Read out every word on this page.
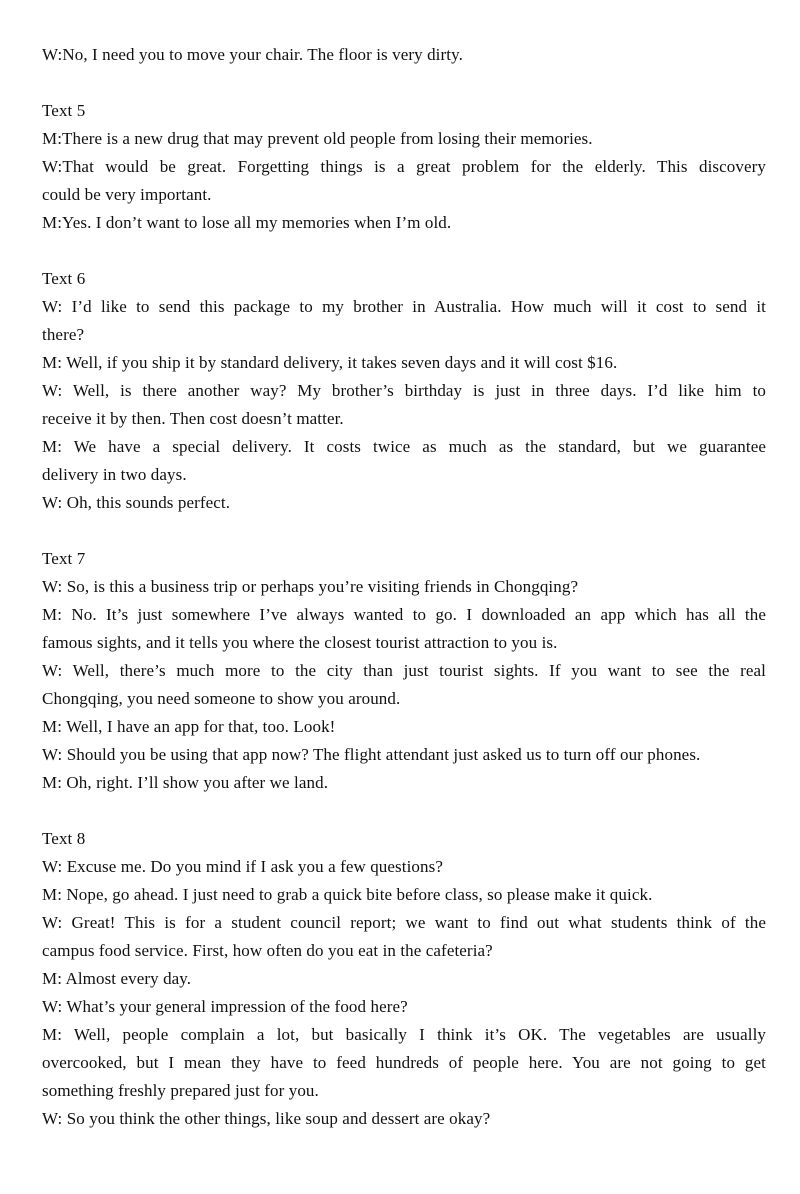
W:No, I need you to move your chair. The floor is very dirty.
Text 5
M:There is a new drug that may prevent old people from losing their memories.
W:That would be great. Forgetting things is a great problem for the elderly. This discovery
could be very important.
M:Yes. I don’t want to lose all my memories when I’m old.
Text 6
W: I’d like to send this package to my brother in Australia. How much will it cost to send it
there?
M: Well, if you ship it by standard delivery, it takes seven days and it will cost $16.
W: Well, is there another way? My brother’s birthday is just in three days. I’d like him to
receive it by then. Then cost doesn’t matter.
M: We have a special delivery. It costs twice as much as the standard, but we guarantee
delivery in two days.
W: Oh, this sounds perfect.
Text 7
W: So, is this a business trip or perhaps you’re visiting friends in Chongqing?
M: No. It’s just somewhere I’ve always wanted to go. I downloaded an app which has all the
famous sights, and it tells you where the closest tourist attraction to you is.
W: Well, there’s much more to the city than just tourist sights. If you want to see the real
Chongqing, you need someone to show you around.
M: Well, I have an app for that, too. Look!
W: Should you be using that app now? The flight attendant just asked us to turn off our phones.
M: Oh, right. I’ll show you after we land.
Text 8
W: Excuse me. Do you mind if I ask you a few questions?
M: Nope, go ahead. I just need to grab a quick bite before class, so please make it quick.
W: Great! This is for a student council report; we want to find out what students think of the
campus food service. First, how often do you eat in the cafeteria?
M: Almost every day.
W: What’s your general impression of the food here?
M: Well, people complain a lot, but basically I think it’s OK. The vegetables are usually
overcooked, but I mean they have to feed hundreds of people here. You are not going to get
something freshly prepared just for you.
W: So you think the other things, like soup and dessert are okay?
